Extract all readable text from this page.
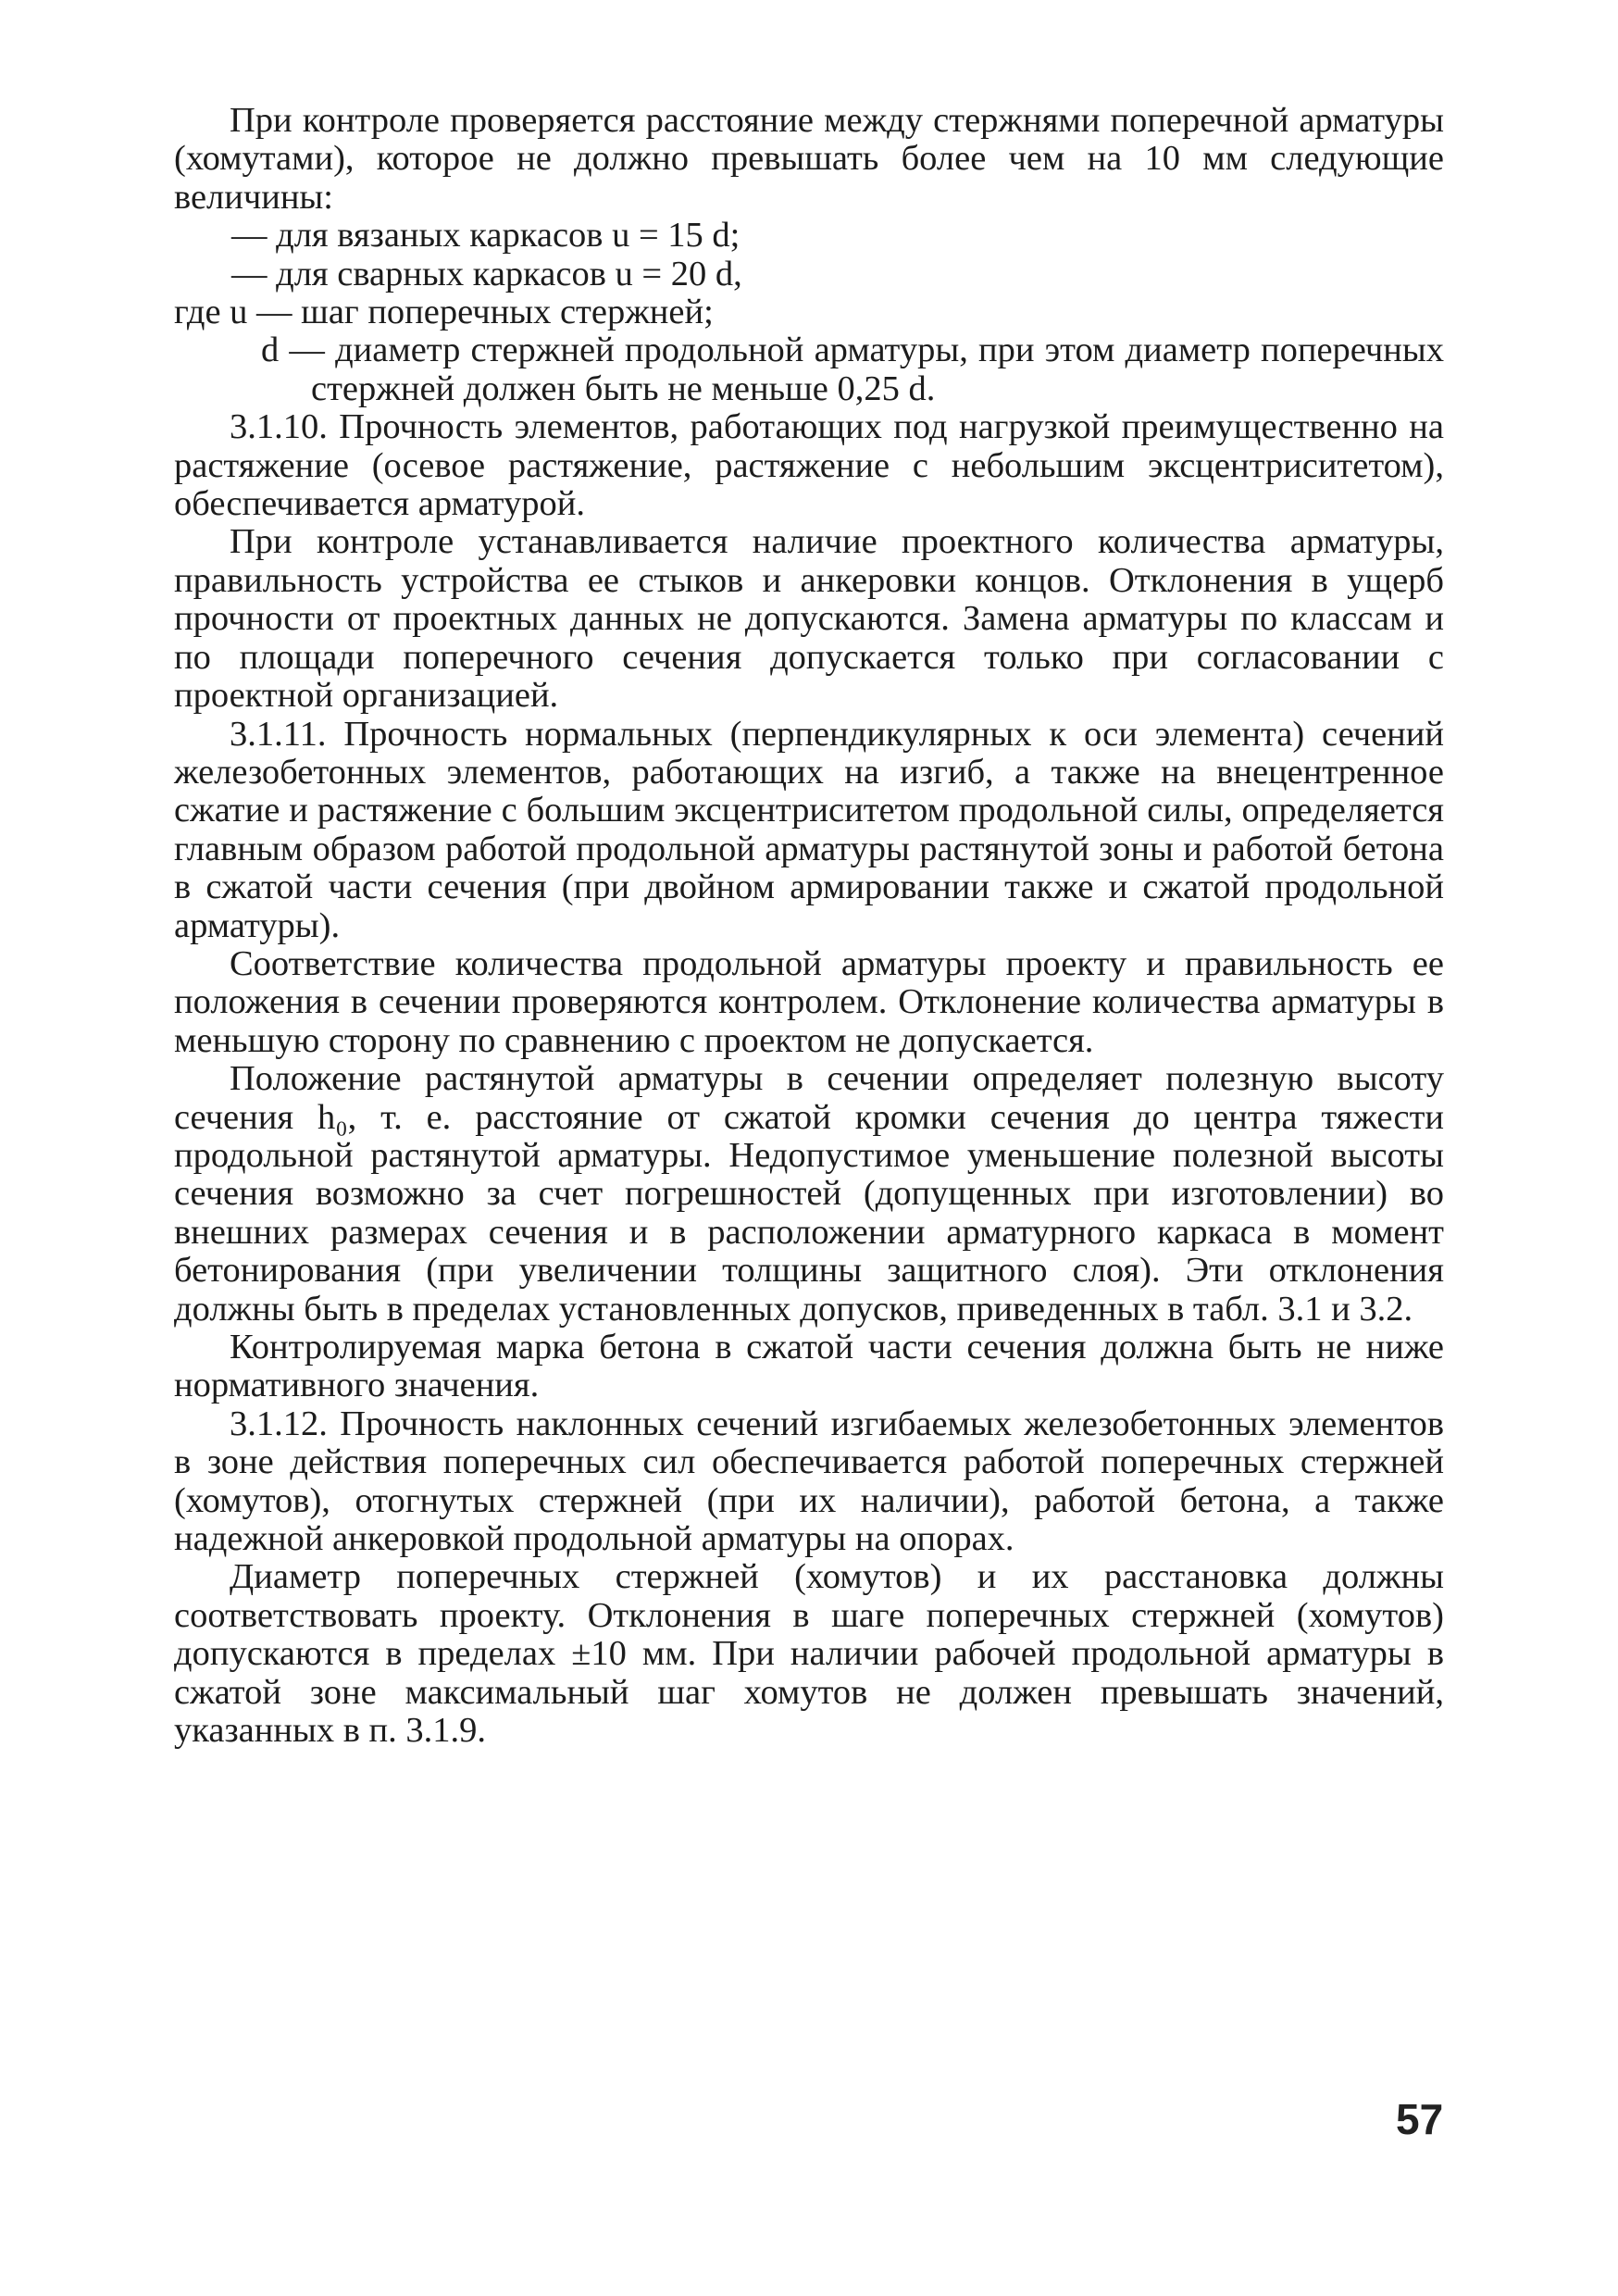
При контроле проверяется расстояние между стержнями поперечной арматуры (хомутами), которое не должно превышать более чем на 10 мм следующие величины:

— для вязаных каркасов u = 15 d;

— для сварных каркасов u = 20 d,

где u — шаг поперечных стержней;

d — диаметр стержней продольной арматуры, при этом диаметр поперечных стержней должен быть не меньше 0,25 d.

3.1.10. Прочность элементов, работающих под нагрузкой преимущественно на растяжение (осевое растяжение, растяжение с небольшим эксцентриситетом), обеспечивается арматурой.

При контроле устанавливается наличие проектного количества арматуры, правильность устройства ее стыков и анкеровки концов. Отклонения в ущерб прочности от проектных данных не допускаются. Замена арматуры по классам и по площади поперечного сечения допускается только при согласовании с проектной организацией.

3.1.11. Прочность нормальных (перпендикулярных к оси элемента) сечений железобетонных элементов, работающих на изгиб, а также на внецентренное сжатие и растяжение с большим эксцентриситетом продольной силы, определяется главным образом работой продольной арматуры растянутой зоны и работой бетона в сжатой части сечения (при двойном армировании также и сжатой продольной арматуры).

Соответствие количества продольной арматуры проекту и правильность ее положения в сечении проверяются контролем. Отклонение количества арматуры в меньшую сторону по сравнению с проектом не допускается.

Положение растянутой арматуры в сечении определяет полезную высоту сечения h₀, т. е. расстояние от сжатой кромки сечения до центра тяжести продольной растянутой арматуры. Недопустимое уменьшение полезной высоты сечения возможно за счет погрешностей (допущенных при изготовлении) во внешних размерах сечения и в расположении арматурного каркаса в момент бетонирования (при увеличении толщины защитного слоя). Эти отклонения должны быть в пределах установленных допусков, приведенных в табл. 3.1 и 3.2.

Контролируемая марка бетона в сжатой части сечения должна быть не ниже нормативного значения.

3.1.12. Прочность наклонных сечений изгибаемых железобетонных элементов в зоне действия поперечных сил обеспечивается работой поперечных стержней (хомутов), отогнутых стержней (при их наличии), работой бетона, а также надежной анкеровкой продольной арматуры на опорах.

Диаметр поперечных стержней (хомутов) и их расстановка должны соответствовать проекту. Отклонения в шаге поперечных стержней (хомутов) допускаются в пределах ±10 мм. При наличии рабочей продольной арматуры в сжатой зоне максимальный шаг хомутов не должен превышать значений, указанных в п. 3.1.9.

57
